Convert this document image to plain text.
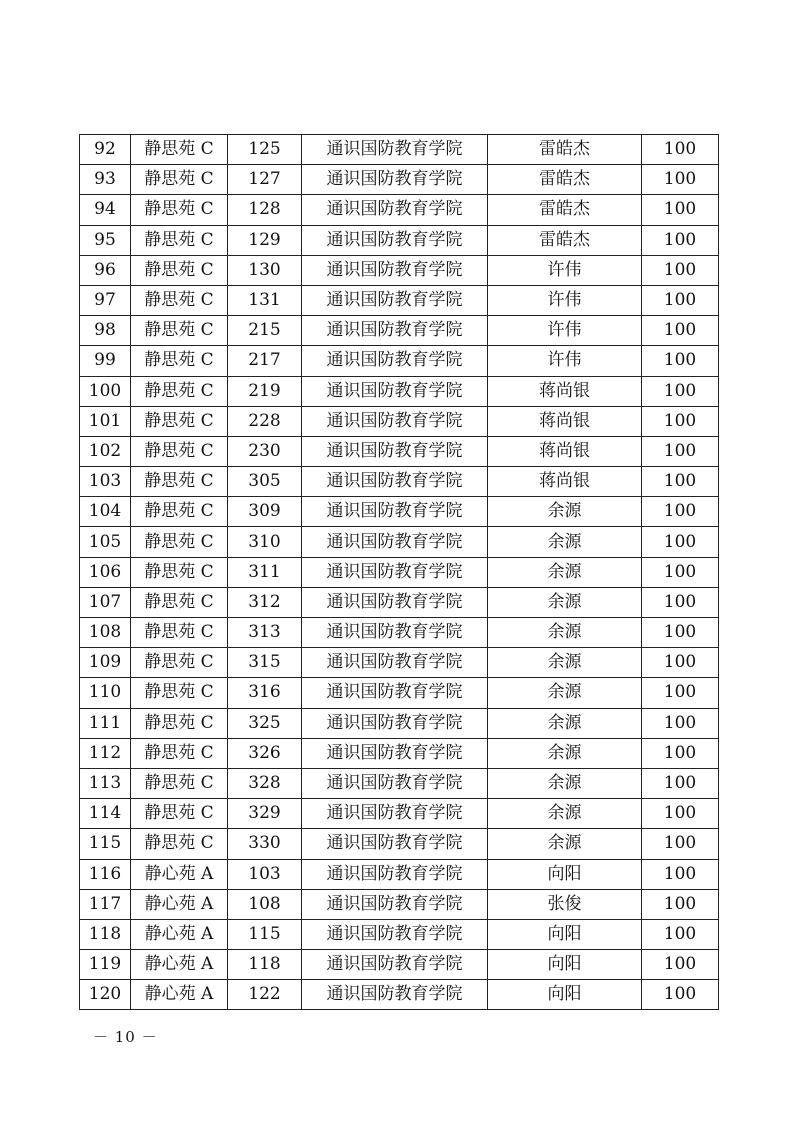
92	静思苑 C	125	通识国防教育学院	雷皓杰	100
93	静思苑 C	127	通识国防教育学院	雷皓杰	100
94	静思苑 C	128	通识国防教育学院	雷皓杰	100
95	静思苑 C	129	通识国防教育学院	雷皓杰	100
96	静思苑 C	130	通识国防教育学院	许伟	100
97	静思苑 C	131	通识国防教育学院	许伟	100
98	静思苑 C	215	通识国防教育学院	许伟	100
99	静思苑 C	217	通识国防教育学院	许伟	100
100	静思苑 C	219	通识国防教育学院	蒋尚银	100
101	静思苑 C	228	通识国防教育学院	蒋尚银	100
102	静思苑 C	230	通识国防教育学院	蒋尚银	100
103	静思苑 C	305	通识国防教育学院	蒋尚银	100
104	静思苑 C	309	通识国防教育学院	余源	100
105	静思苑 C	310	通识国防教育学院	余源	100
106	静思苑 C	311	通识国防教育学院	余源	100
107	静思苑 C	312	通识国防教育学院	余源	100
108	静思苑 C	313	通识国防教育学院	余源	100
109	静思苑 C	315	通识国防教育学院	余源	100
110	静思苑 C	316	通识国防教育学院	余源	100
111	静思苑 C	325	通识国防教育学院	余源	100
112	静思苑 C	326	通识国防教育学院	余源	100
113	静思苑 C	328	通识国防教育学院	余源	100
114	静思苑 C	329	通识国防教育学院	余源	100
115	静思苑 C	330	通识国防教育学院	余源	100
116	静心苑 A	103	通识国防教育学院	向阳	100
117	静心苑 A	108	通识国防教育学院	张俊	100
118	静心苑 A	115	通识国防教育学院	向阳	100
119	静心苑 A	118	通识国防教育学院	向阳	100
120	静心苑 A	122	通识国防教育学院	向阳	100
－ 10 －
